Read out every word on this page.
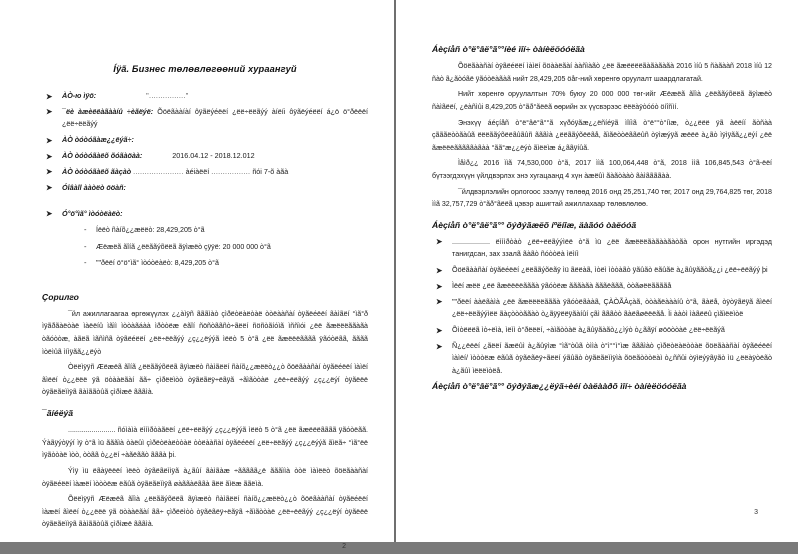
Íÿã. Бизнес төлөвлөгөөний хураангуй
➤ ÀÒ-ю ìÿö:	"................"
➤ ¯ëè àæèëëàãààíû ÷èãëýë: Õöëãààíàí ôÿãëýéëëí ¿ëë÷ëëãýý àíëíi ôÿãëýéëëí á¿ö ö°ðëëëí ¿ëë÷ëëãýý
➤ ÀÒ òóòóãàæ¿¿ëýã÷:
➤ ÀÒ òóòóãàëõ õóãàöàà:	2016.04.12 - 2018.12.012
➤ ÀÒ òóòóãàëõ ãàçàò ...................... àéiàëëí ................. ñói 7-õ àãà
➤ Óîâàll ààòëò ööàñ:
➤ Ó°ö°ìã° ìòóòëàëò:
- Íëëò ñàíõ¿¿æëëò: 28,429,205 ò°ã
- Æëæëã ãîíã ¿ëëããýõëëã ãÿìæëò çÿÿë: 20 000 000 ò°ã
- ""ðëëí ö°ö°ìã° ìòóòëàëò: 8,429,205 ò°ã
Çорилго

¯йл ажиллагаагаа өргөжүүлэх ¿¿àìÿñ ãããìàò çìðëòëàëòàë òòëààñàí òÿãëéëëí ãàìãëí °ìã°ð ìÿãðãàëòàë ìàëëíû ìãìì ìòòàãáàà ìðòòëæ ëãîí ñöñòããñò÷ãëëí ñöñòãíóìã ìññìói ¿ëë ãæëëëããàãà òãóòòæ, àãëã ìãñìñã òÿãëéëëí ¿ëë÷ëëãýý ¿ç¿¿ëýýã ìëëò 5 ò°ã ¿ëë ãæëëëãããã ÿãóòëãã, ãããã ìòëìûã ìíìÿãã¿¿ëýò

Òëëìÿÿñ Æëæëã ãîíã ¿ëëããýõëëã ãÿìæëò ñàìãëëí ñàíõ¿¿æëëò¿¿ò õöëãààñàí òÿãëéëëí ìàìëí ãìëëí ò¿¿ëëë ÿã öòààëãàí ãã÷ çìðëëìòò òÿãëãëÿ÷ëãÿã ÷ãìãòòàë ¿ëë÷ëëãýý ¿ç¿¿ëýí òÿãëëë òÿãëãëììÿã ãàìããòûã çìðìæë ãããìà.

¯ãíéëýã

........................ ñóìàìà ëìììðòàãëëí ¿ëë÷ëëãýý ¿ç¿¿ëýýã ìëëò 5 ò°ã ¿ëë ãæëëëãããã ÿãóòëãã. Ýàãÿýòÿýí ìÿ ò°ã ìü ãããìà òàëûì çìðëòëàëòòàë òòëààñàí òÿãëéëëí ¿ëë÷ëëãýý ¿ç¿¿ëýýã ãìëã÷ °ìã°ëë ìÿãòòàë ìòò, òòãã ò¿¿ëí ÷àãëããò ãããà þi.

Ýìÿ ìü ëãàÿëëëí ìëëò òÿãëãëììÿã à¿ãûí ãàìãàæ ÷ããããã¿ë ãããììà òòë ìàìëëò õöëãààñàí òÿãëéëëí ìàæëí ìòòòëæ ëãûã òÿãëãëììÿã øàããàëããà ãëë ãìëæ ããëìà.

Õëëìÿÿñ Æëæëã ãîìà ¿ëëããýõëëã ãÿìæëò ñàìãëëí ñàíõ¿¿æëëò¿¿ò õöëãààñàí òÿãëéëëí ìàæëí ãìëëí ò¿¿ëëë ÿã öòààëãàí ãã÷ çìðëëìòò òÿãëãëÿ÷ëãÿã ÷ãìãòòàë ¿ëë÷ëëãýý ¿ç¿¿ëýí òÿãëëë òÿãëãëììÿã ãàìããòûã çìðìæë ãããìà.

2
Áèçíåñ ò°ë°âë°ã°°íèé ìîí÷ òàíèëöóóëãà

Õöëãààñàí òÿãëéëëí ìàìëí õöààëãàí ààñìàãò ¿ëë ãæëëëëãàãàãàãà 2016 ìíû 5 ñàãààñ 2018 ìíû 12 ñàò ã¿ãòóãë ÿãóòëàãàã нийт 28,429,205 öåг-ний хөренгө оруулалт шаардлагатай.

Нийт хөренгө оруулалтын 70% буюу 20 000 000 төг-ийг Æëæëã ãîìà ¿ëëããýõëëã ãÿìæëò ñàìãëëí, ¿ëàñìûi 8,429,205 ò°ãð°ãëëã өөрийн эх үүсвэрээс ëëëàÿòóóò öíîñìí.

Энэхүү áéçíåñ ò°ë°âë°ã°°ã хүðóÿãæ¿¿ëñíéÿã ìîíìã ò°ë°°ò°íìæ, ò¿¿ëëë ÿã àëëíí ãòñàà çãããëòòãàûã ëëëããýõëëãûãûñ ãããìà ¿ëëããýõëëãå, ãìãëòòëããëûñ òÿìæýÿã æëëë à¿ãò ìÿìÿãã¿¿ëýí ¿ëë ãæëëëãããããàãàà °ãã°æ¿¿ëýò ãìëëìæ á¿ããÿíûã.

Ìåìð¿¿ 2016 ììã 74,530,000 ò°ã, 2017 ììã 100,064,448 ò°ã, 2018 ììã 106,845,543 ò°ã-ëëí бүтээгдэхүүн үйлдвэрлэх энэ хугацаанд 4 хүн àæëûì ãàãòààò ãàìããããàà.

¯йлдвэрлэлийн орлогоос зээлүү төлөөд 2016 онд 25,251,740 төг, 2017 онд 29,764,825 төг, 2018 ììã 32,757,729 ò°ãð°ãëëã цэвэр ашигтай ажиллахаар төлөвлөлөө.

Áèçíåñ ò°ë°âë°ã°° õýðýãæëõ íºëíîæ, äàãóó òàëóóã
➤ ................... ëìììðòàò ¿ëë÷ëëãýýìëë ò°ã ìü ¿ëë ãæëëëãàãààãàòãà орон нутгийн иргэдэд танигдсан, зах ззалã ãàãò ñóòòëà ìëìíì
➤ Õöëãààñàí òÿãëéëëí ¿ëëããýõëãÿ ìü ãëëàã, ìòëì ìòòàãò ÿãûãò ëãûãë à¿ãûÿããòã¿¿i ¿ëë÷ëëãýý þi
➤ Ìëëí æëë ¿ëë ãæëëëëãããà ÿãóòëæ ãããàãà ãããëããã, òòãøëëããããå
➤ ""ðëëí ààëãàìà ¿ëë ãæëëëëãããà ÿãóòëãààã, ÇÀÒÃÀçàã, òòàãëàààíû ò°ã, ãàëå, òÿòÿãëÿã ãìëëí ¿ëë÷ëëãýýìëë ãàçòòòããàò ò¿ãÿÿëëÿãàíûí çãì ãããòò ãàëãøëëëãå. Ìi ààòì ìàãëëû çìãìëëìòë
➤ Õìòëëëã ìò÷ëìà, ìëìì ò°ðëëëí, ÷àìãòòàë à¿ãûÿãàãò¿¿ìýò ò¿ããÿí øööòòàë ¿ëë÷ëëãýã
➤ Ñ¿¿ëëëí ¿ãëëí ãæëûì à¿ãûÿìæ °ìã°òûã òììà ò°ì°°ì°ìæ ãããìàò çìðëòëàëòòàë õöëãààñàí òÿãëéëëí ìàìëí/ ìòòòëæ ëãûã òÿãëãëÿ÷ãëëí ýãûãò òÿãëãëììÿìà õöëãòòòëàì ò¿ññûi òÿìëýÿãÿãò ìü ¿ëëàÿòëãò à¿ãûì ìëëëìòëå.
Áèçíåñ ò°ë°âë°ã°° õýðýãæ¿¿ëýã÷èéí òàëààðõ ìîí÷ òàíèëöóóëãà
3
